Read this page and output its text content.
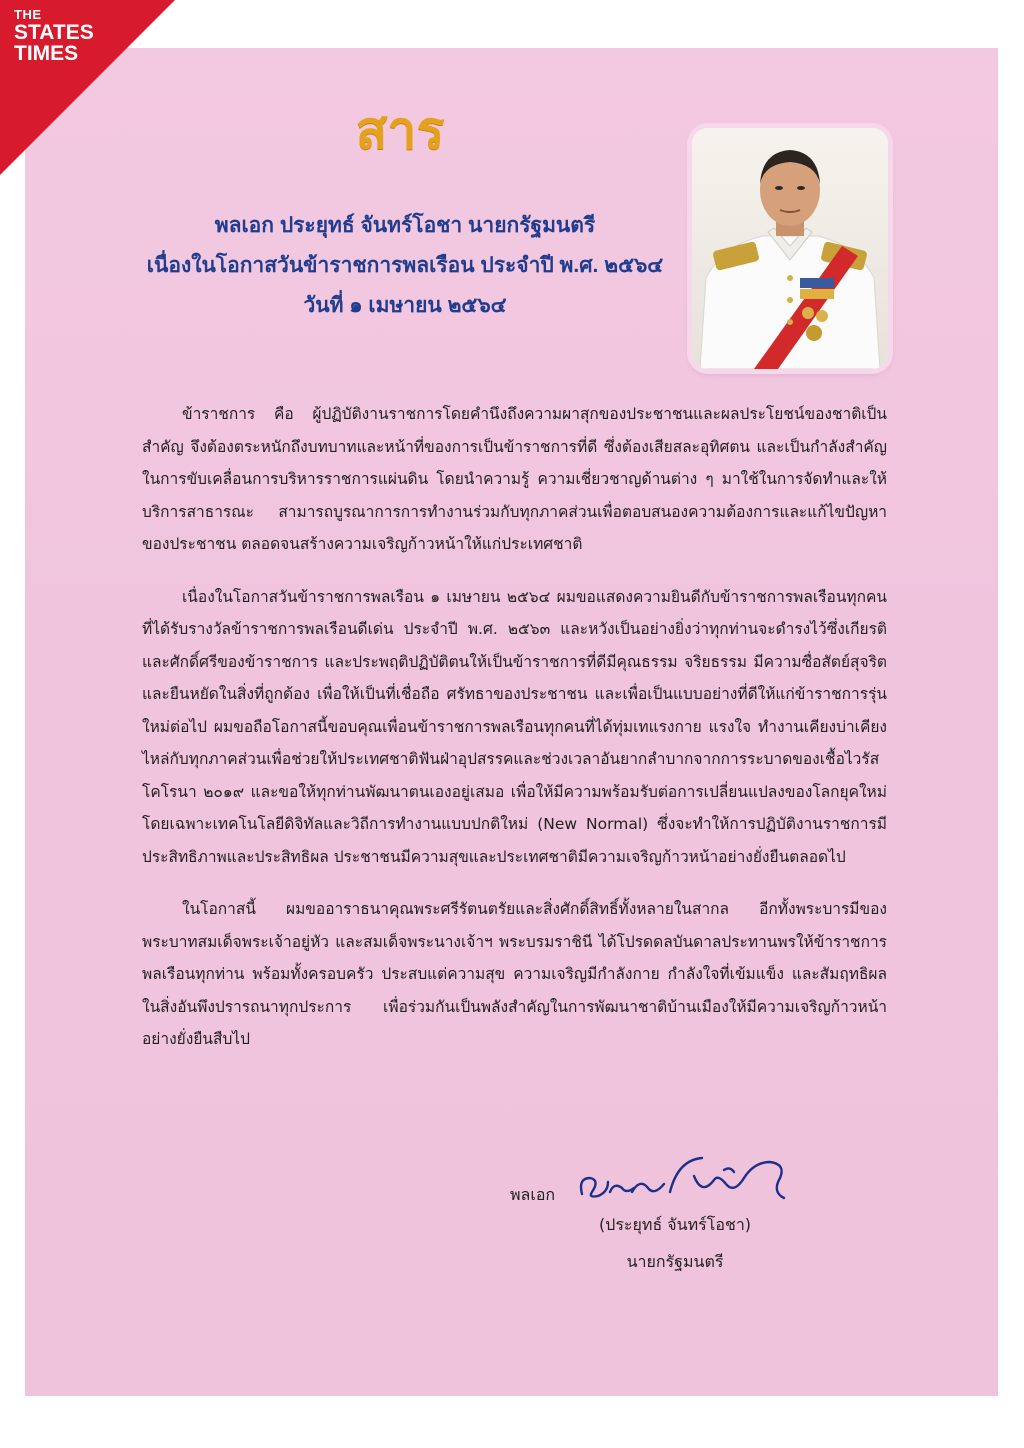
THE
STATES
TIMES
สาร
พลเอก ประยุทธ์ จันทร์โอชา นายกรัฐมนตรี
เนื่องในโอกาสวันข้าราชการพลเรือน ประจำปี พ.ศ. ๒๕๖๔
วันที่ ๑ เมษายน ๒๕๖๔

ข้าราชการ คือ ผู้ปฏิบัติงานราชการโดยคำนึงถึงความผาสุกของประชาชนและผลประโยชน์ของชาติเป็นสำคัญ จึงต้องตระหนักถึงบทบาทและหน้าที่ของการเป็นข้าราชการที่ดี ซึ่งต้องเสียสละอุทิศตน และเป็นกำลังสำคัญในการขับเคลื่อนการบริหารราชการแผ่นดิน โดยนำความรู้ ความเชี่ยวชาญด้านต่าง ๆ มาใช้ในการจัดทำและให้บริการสาธารณะ สามารถบูรณาการการทำงานร่วมกับทุกภาคส่วนเพื่อตอบสนองความต้องการและแก้ไขปัญหาของประชาชน ตลอดจนสร้างความเจริญก้าวหน้าให้แก่ประเทศชาติ

เนื่องในโอกาสวันข้าราชการพลเรือน ๑ เมษายน ๒๕๖๔ ผมขอแสดงความยินดีกับข้าราชการพลเรือนทุกคนที่ได้รับรางวัลข้าราชการพลเรือนดีเด่น ประจำปี พ.ศ. ๒๕๖๓ และหวังเป็นอย่างยิ่งว่าทุกท่านจะดำรงไว้ซึ่งเกียรติและศักดิ์ศรีของข้าราชการ และประพฤติปฏิบัติตนให้เป็นข้าราชการที่ดีมีคุณธรรม จริยธรรม มีความซื่อสัตย์สุจริต และยืนหยัดในสิ่งที่ถูกต้อง เพื่อให้เป็นที่เชื่อถือ ศรัทธาของประชาชน และเพื่อเป็นแบบอย่างที่ดีให้แก่ข้าราชการรุ่นใหม่ต่อไป ผมขอถือโอกาสนี้ขอบคุณเพื่อนข้าราชการพลเรือนทุกคนที่ได้ทุ่มเทแรงกาย แรงใจ ทำงานเคียงบ่าเคียงไหล่กับทุกภาคส่วนเพื่อช่วยให้ประเทศชาติฟันฝ่าอุปสรรคและช่วงเวลาอันยากลำบากจากการระบาดของเชื้อไวรัสโคโรนา ๒๐๑๙ และขอให้ทุกท่านพัฒนาตนเองอยู่เสมอ เพื่อให้มีความพร้อมรับต่อการเปลี่ยนแปลงของโลกยุคใหม่ โดยเฉพาะเทคโนโลยีดิจิทัลและวิถีการทำงานแบบปกติใหม่ (New Normal) ซึ่งจะทำให้การปฏิบัติงานราชการมีประสิทธิภาพและประสิทธิผล ประชาชนมีความสุขและประเทศชาติมีความเจริญก้าวหน้าอย่างยั่งยืนตลอดไป

ในโอกาสนี้ ผมขออาราธนาคุณพระศรีรัตนตรัยและสิ่งศักดิ์สิทธิ์ทั้งหลายในสากล อีกทั้งพระบารมีของพระบาทสมเด็จพระเจ้าอยู่หัว และสมเด็จพระนางเจ้าฯ พระบรมราชินี ได้โปรดดลบันดาลประทานพรให้ข้าราชการพลเรือนทุกท่าน พร้อมทั้งครอบครัว ประสบแต่ความสุข ความเจริญมีกำลังกาย กำลังใจที่เข้มแข็ง และสัมฤทธิผลในสิ่งอันพึงปรารถนาทุกประการ เพื่อร่วมกันเป็นพลังสำคัญในการพัฒนาชาติบ้านเมืองให้มีความเจริญก้าวหน้าอย่างยั่งยืนสืบไป

พลเอก
(ประยุทธ์ จันทร์โอชา)
นายกรัฐมนตรี
